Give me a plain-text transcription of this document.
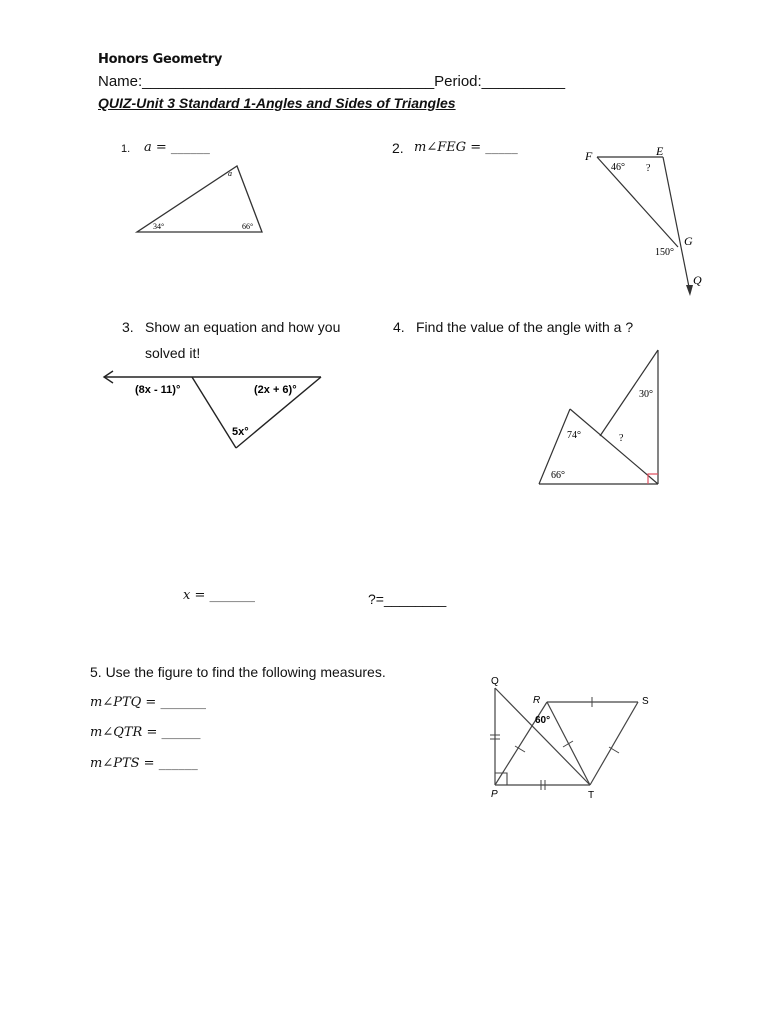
Honors Geometry
Name:___________________________________Period:__________
QUIZ-Unit 3 Standard 1-Angles and Sides of Triangles
1. a = ______
34°	66°
a
2. m∠FEG = _____
F	E
G
Q
46° ?
150°
3. Show an equation and how you
solved it!
(8x - 11)°	(2x + 6)°
5x°
4. Find the value of the angle with a ?
30°
74°	?
66°
x = _______	?=________
5. Use the figure to find the following measures.
m∠PTQ = _______
m∠QTR = ______
m∠PTS = ______
Q
R	S
P	T
60°
